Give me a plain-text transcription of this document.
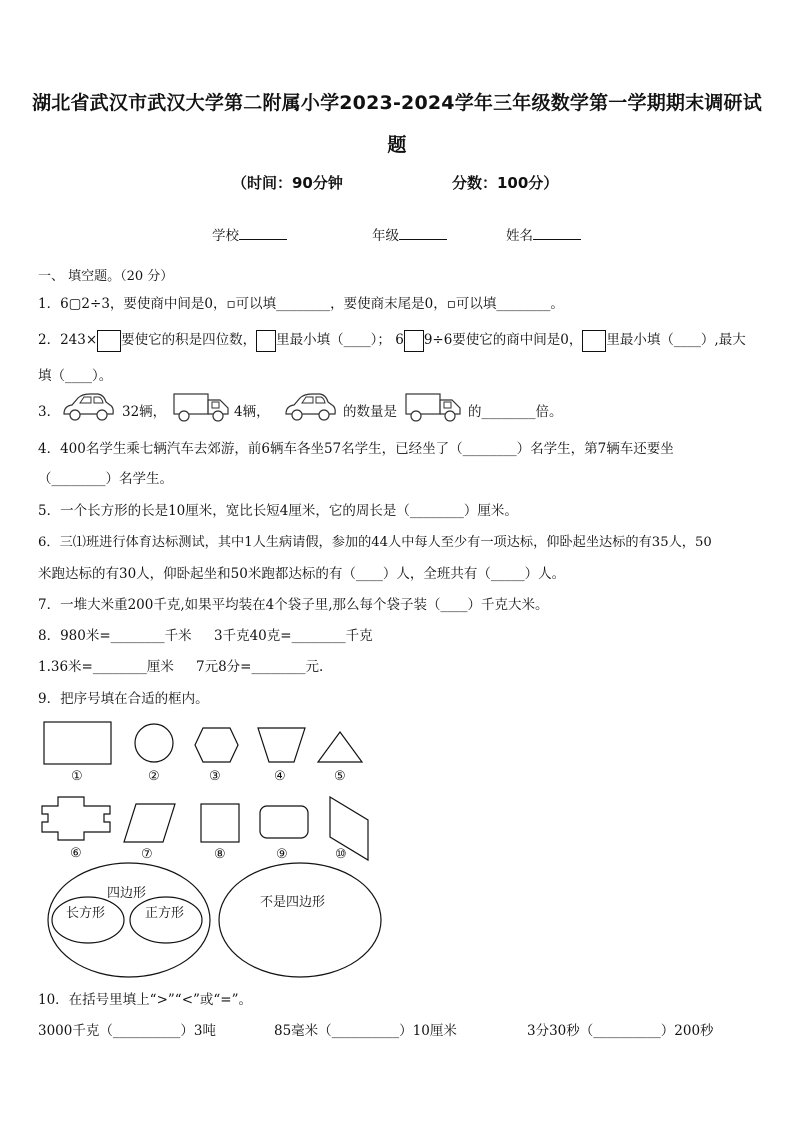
湖北省武汉市武汉大学第二附属小学2023-2024学年三年级数学第一学期期末调研试
题
（时间：90分钟	分数：100分）
学校	年级	姓名
一、 填空题。（20 分）
1．6▢2÷3，要使商中间是0，▫可以填________，要使商末尾是0，▫可以填________。
2．243× 要使它的积是四位数， 里最小填（____）； 6 9÷6要使它的商中间是0， 里最小填（____）,最大
填（____）。
3．	32辆，	4辆，	的数量是	的________倍。
4．400名学生乘七辆汽车去郊游，前6辆车各坐57名学生，已经坐了（________）名学生，第7辆车还要坐
（________）名学生。
5．一个长方形的长是10厘米，宽比长短4厘米，它的周长是（________）厘米。
6．三⑴班进行体育达标测试，其中1人生病请假，参加的44人中每人至少有一项达标，仰卧起坐达标的有35人，50
米跑达标的有30人，仰卧起坐和50米跑都达标的有（____）人，全班共有（_____）人。
7．一堆大米重200千克,如果平均装在4个袋子里,那么每个袋子装（____）千克大米。
8．980米=________千米 3千克40克=________千克
1.36米=________厘米 7元8分=________元.
9．把序号填在合适的框内。
①	②	③	④	⑤
⑥	⑦	⑧	⑨	⑩
四边形
长方形	正方形
不是四边形
10．在括号里填上“>”“<”或“=”。
3000千克（__________）3吨	85毫米（__________）10厘米	3分30秒（__________）200秒
